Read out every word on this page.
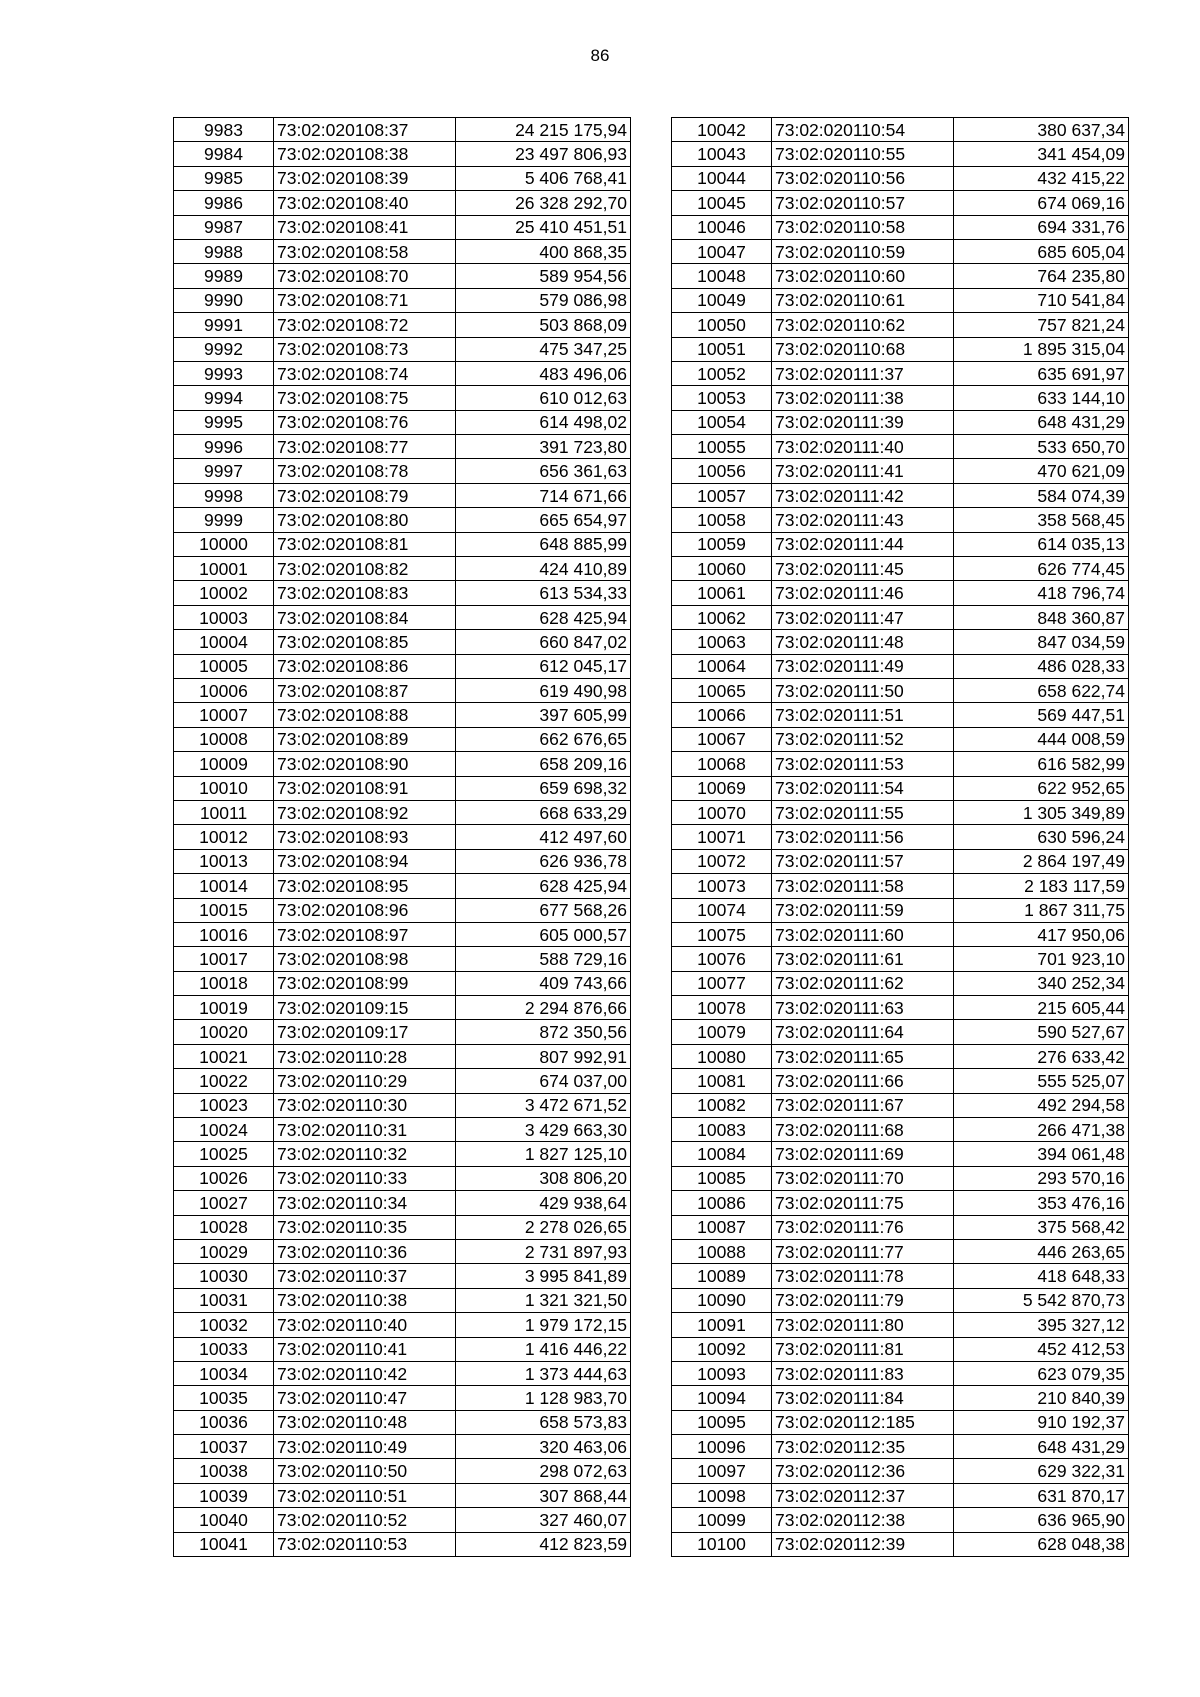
86
9983	73:02:020108:37	24 215 175,94
9984	73:02:020108:38	23 497 806,93
9985	73:02:020108:39	5 406 768,41
9986	73:02:020108:40	26 328 292,70
9987	73:02:020108:41	25 410 451,51
9988	73:02:020108:58	400 868,35
9989	73:02:020108:70	589 954,56
9990	73:02:020108:71	579 086,98
9991	73:02:020108:72	503 868,09
9992	73:02:020108:73	475 347,25
9993	73:02:020108:74	483 496,06
9994	73:02:020108:75	610 012,63
9995	73:02:020108:76	614 498,02
9996	73:02:020108:77	391 723,80
9997	73:02:020108:78	656 361,63
9998	73:02:020108:79	714 671,66
9999	73:02:020108:80	665 654,97
10000	73:02:020108:81	648 885,99
10001	73:02:020108:82	424 410,89
10002	73:02:020108:83	613 534,33
10003	73:02:020108:84	628 425,94
10004	73:02:020108:85	660 847,02
10005	73:02:020108:86	612 045,17
10006	73:02:020108:87	619 490,98
10007	73:02:020108:88	397 605,99
10008	73:02:020108:89	662 676,65
10009	73:02:020108:90	658 209,16
10010	73:02:020108:91	659 698,32
10011	73:02:020108:92	668 633,29
10012	73:02:020108:93	412 497,60
10013	73:02:020108:94	626 936,78
10014	73:02:020108:95	628 425,94
10015	73:02:020108:96	677 568,26
10016	73:02:020108:97	605 000,57
10017	73:02:020108:98	588 729,16
10018	73:02:020108:99	409 743,66
10019	73:02:020109:15	2 294 876,66
10020	73:02:020109:17	872 350,56
10021	73:02:020110:28	807 992,91
10022	73:02:020110:29	674 037,00
10023	73:02:020110:30	3 472 671,52
10024	73:02:020110:31	3 429 663,30
10025	73:02:020110:32	1 827 125,10
10026	73:02:020110:33	308 806,20
10027	73:02:020110:34	429 938,64
10028	73:02:020110:35	2 278 026,65
10029	73:02:020110:36	2 731 897,93
10030	73:02:020110:37	3 995 841,89
10031	73:02:020110:38	1 321 321,50
10032	73:02:020110:40	1 979 172,15
10033	73:02:020110:41	1 416 446,22
10034	73:02:020110:42	1 373 444,63
10035	73:02:020110:47	1 128 983,70
10036	73:02:020110:48	658 573,83
10037	73:02:020110:49	320 463,06
10038	73:02:020110:50	298 072,63
10039	73:02:020110:51	307 868,44
10040	73:02:020110:52	327 460,07
10041	73:02:020110:53	412 823,59
10042	73:02:020110:54	380 637,34
10043	73:02:020110:55	341 454,09
10044	73:02:020110:56	432 415,22
10045	73:02:020110:57	674 069,16
10046	73:02:020110:58	694 331,76
10047	73:02:020110:59	685 605,04
10048	73:02:020110:60	764 235,80
10049	73:02:020110:61	710 541,84
10050	73:02:020110:62	757 821,24
10051	73:02:020110:68	1 895 315,04
10052	73:02:020111:37	635 691,97
10053	73:02:020111:38	633 144,10
10054	73:02:020111:39	648 431,29
10055	73:02:020111:40	533 650,70
10056	73:02:020111:41	470 621,09
10057	73:02:020111:42	584 074,39
10058	73:02:020111:43	358 568,45
10059	73:02:020111:44	614 035,13
10060	73:02:020111:45	626 774,45
10061	73:02:020111:46	418 796,74
10062	73:02:020111:47	848 360,87
10063	73:02:020111:48	847 034,59
10064	73:02:020111:49	486 028,33
10065	73:02:020111:50	658 622,74
10066	73:02:020111:51	569 447,51
10067	73:02:020111:52	444 008,59
10068	73:02:020111:53	616 582,99
10069	73:02:020111:54	622 952,65
10070	73:02:020111:55	1 305 349,89
10071	73:02:020111:56	630 596,24
10072	73:02:020111:57	2 864 197,49
10073	73:02:020111:58	2 183 117,59
10074	73:02:020111:59	1 867 311,75
10075	73:02:020111:60	417 950,06
10076	73:02:020111:61	701 923,10
10077	73:02:020111:62	340 252,34
10078	73:02:020111:63	215 605,44
10079	73:02:020111:64	590 527,67
10080	73:02:020111:65	276 633,42
10081	73:02:020111:66	555 525,07
10082	73:02:020111:67	492 294,58
10083	73:02:020111:68	266 471,38
10084	73:02:020111:69	394 061,48
10085	73:02:020111:70	293 570,16
10086	73:02:020111:75	353 476,16
10087	73:02:020111:76	375 568,42
10088	73:02:020111:77	446 263,65
10089	73:02:020111:78	418 648,33
10090	73:02:020111:79	5 542 870,73
10091	73:02:020111:80	395 327,12
10092	73:02:020111:81	452 412,53
10093	73:02:020111:83	623 079,35
10094	73:02:020111:84	210 840,39
10095	73:02:020112:185	910 192,37
10096	73:02:020112:35	648 431,29
10097	73:02:020112:36	629 322,31
10098	73:02:020112:37	631 870,17
10099	73:02:020112:38	636 965,90
10100	73:02:020112:39	628 048,38
